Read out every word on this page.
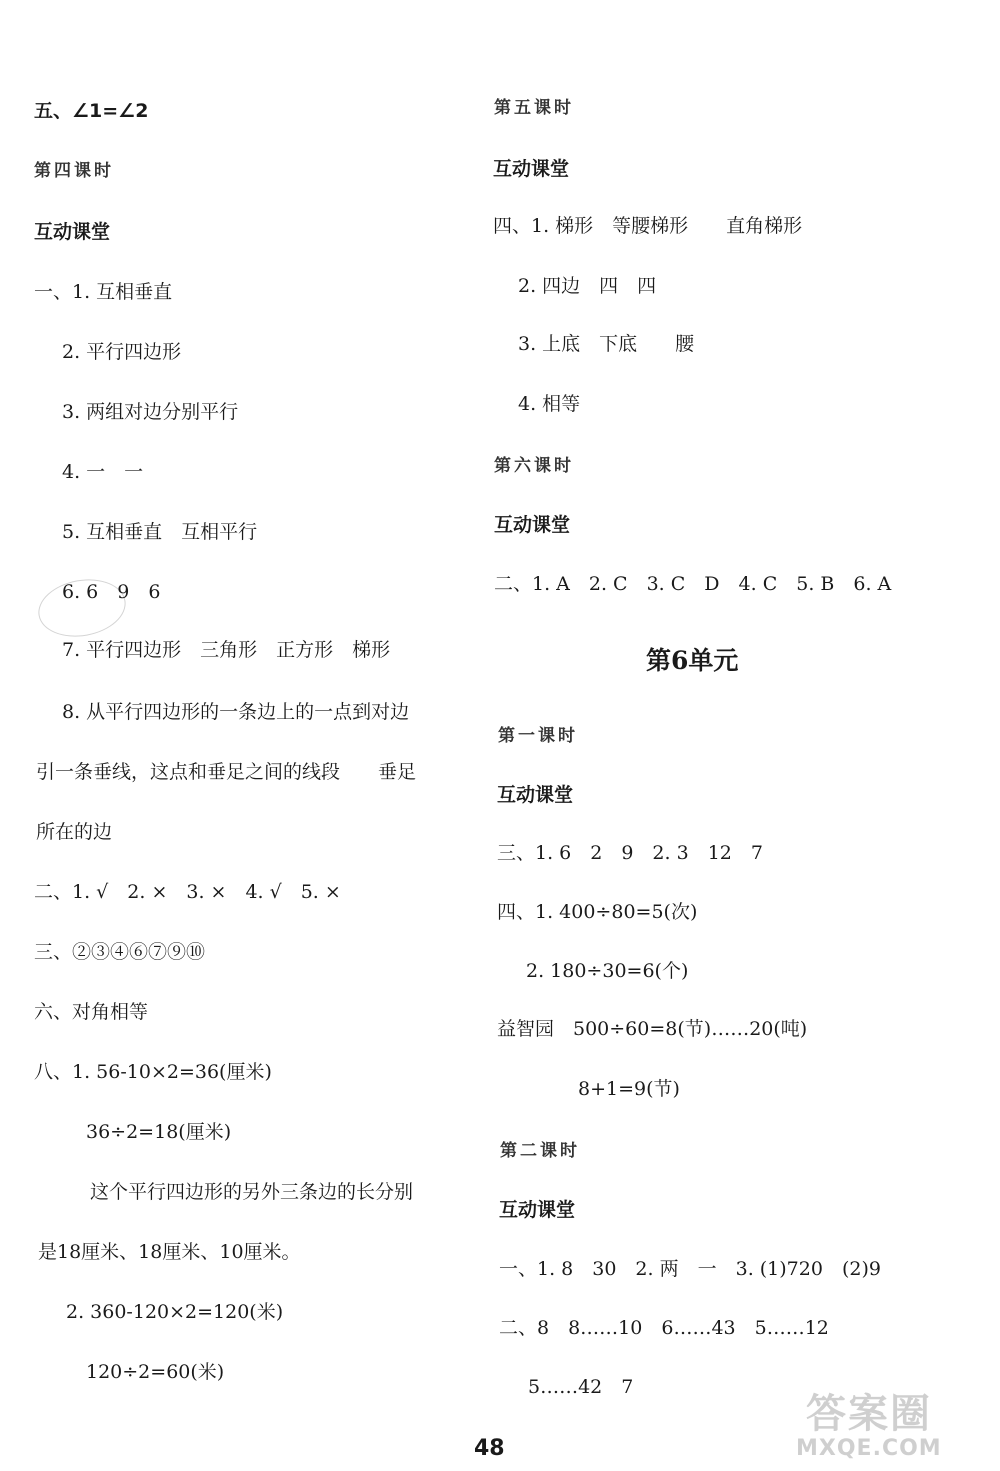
五、∠1=∠2
第四课时
互动课堂
一、1. 互相垂直
2. 平行四边形
3. 两组对边分别平行
4. 一　一
5. 互相垂直　互相平行
6. 6　9　6
7. 平行四边形　三角形　正方形　梯形
8. 从平行四边形的一条边上的一点到对边
引一条垂线，这点和垂足之间的线段　　垂足
所在的边
二、1. √　2. ×　3. ×　4. √　5. ×
三、②③④⑥⑦⑨⑩
六、对角相等
八、1. 56-10×2=36(厘米)
36÷2=18(厘米)
这个平行四边形的另外三条边的长分别
是18厘米、18厘米、10厘米。
2. 360-120×2=120(米)
120÷2=60(米)
第五课时
互动课堂
四、1. 梯形　等腰梯形　　直角梯形
2. 四边　四　四
3. 上底　下底　　腰
4. 相等
第六课时
互动课堂
二、1. A　2. C　3. C　D　4. C　5. B　6. A
第6单元
第一课时
互动课堂
三、1. 6　2　9　2. 3　12　7
四、1. 400÷80=5(次)
2. 180÷30=6(个)
益智园　500÷60=8(节)……20(吨)
8+1=9(节)
第二课时
互动课堂
一、1. 8　30　2. 两　一　3. (1)720　(2)9
二、8　8……10　6……43　5……12
5……42　7
48
答案圈
MXQE.COM
